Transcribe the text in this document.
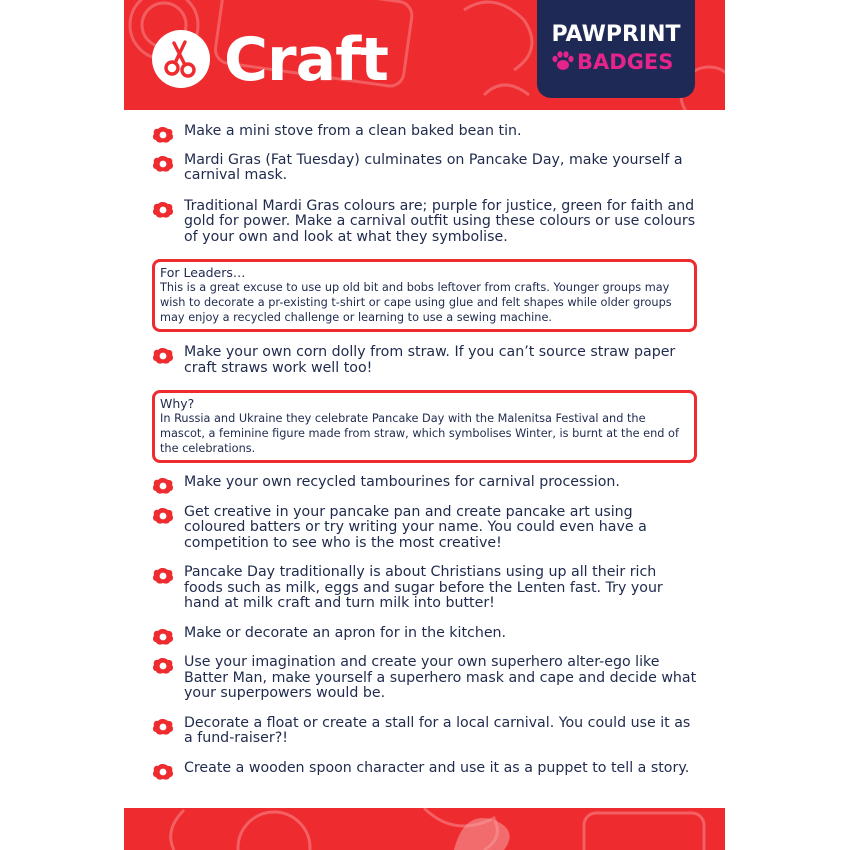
Craft	PAWPRINT
BADGES
Make a mini stove from a clean baked bean tin.
Mardi Gras (Fat Tuesday) culminates on Pancake Day, make yourself a carnival mask.
Traditional Mardi Gras colours are; purple for justice, green for faith and gold for power. Make a carnival outfit using these colours or use colours of your own and look at what they symbolise.
For Leaders…
This is a great excuse to use up old bit and bobs leftover from crafts. Younger groups may wish to decorate a pr-existing t-shirt or cape using glue and felt shapes while older groups may enjoy a recycled challenge or learning to use a sewing machine.
Make your own corn dolly from straw. If you can’t source straw paper craft straws work well too!
Why?
In Russia and Ukraine they celebrate Pancake Day with the Malenitsa Festival and the mascot, a feminine figure made from straw, which symbolises Winter, is burnt at the end of the celebrations.
Make your own recycled tambourines for carnival procession.
Get creative in your pancake pan and create pancake art using coloured batters or try writing your name. You could even have a competition to see who is the most creative!
Pancake Day traditionally is about Christians using up all their rich foods such as milk, eggs and sugar before the Lenten fast. Try your hand at milk craft and turn milk into butter!
Make or decorate an apron for in the kitchen.
Use your imagination and create your own superhero alter-ego like Batter Man, make yourself a superhero mask and cape and decide what your superpowers would be.
Decorate a float or create a stall for a local carnival. You could use it as a fund-raiser?!
Create a wooden spoon character and use it as a puppet to tell a story.
